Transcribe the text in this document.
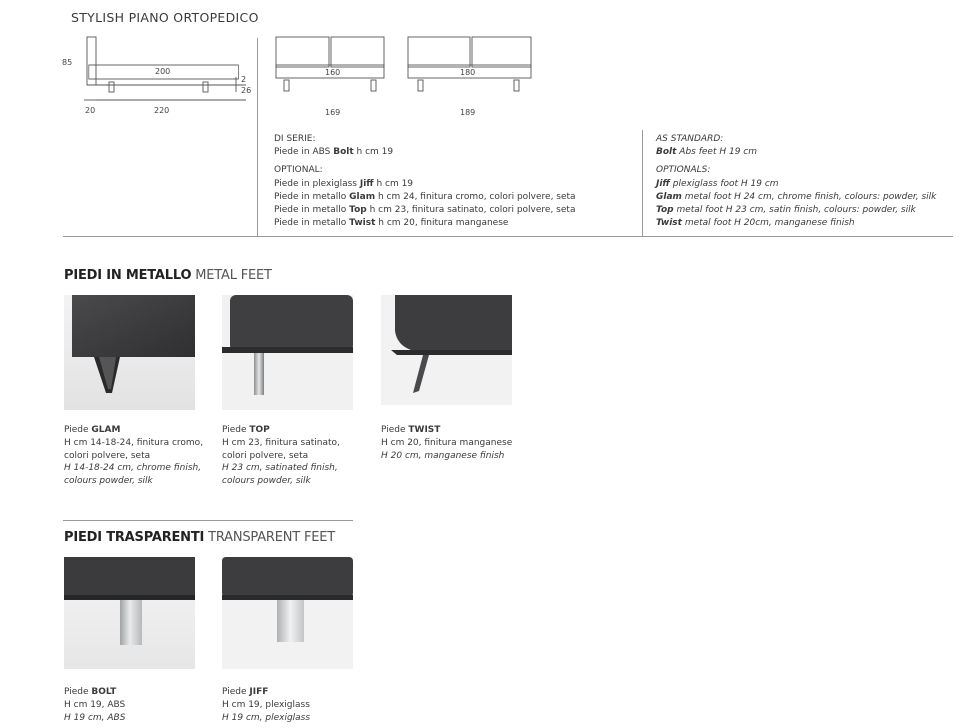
STYLISH PIANO ORTOPEDICO
85
200
2
26
20	220
160
169
180
189
DI SERIE:
Piede in ABS Bolt h cm 19
OPTIONAL:
Piede in plexiglass Jiff h cm 19
Piede in metallo Glam h cm 24, finitura cromo, colori polvere, seta
Piede in metallo Top h cm 23, finitura satinato, colori polvere, seta
Piede in metallo Twist h cm 20, finitura manganese
AS STANDARD:
Bolt Abs feet H 19 cm
OPTIONALS:
Jiff plexiglass foot H 19 cm
Glam metal foot H 24 cm, chrome finish, colours: powder, silk
Top metal foot H 23 cm, satin finish, colours: powder, silk
Twist metal foot H 20cm, manganese finish
PIEDI IN METALLO METAL FEET
Piede GLAM
H cm 14-18-24, finitura cromo,
colori polvere, seta
H 14-18-24 cm, chrome finish,
colours powder, silk
Piede TOP
H cm 23, finitura satinato,
colori polvere, seta
H 23 cm, satinated finish,
colours powder, silk
Piede TWIST
H cm 20, finitura manganese
H 20 cm, manganese finish
PIEDI TRASPARENTI TRANSPARENT FEET
Piede BOLT
H cm 19, ABS
H 19 cm, ABS
Piede JIFF
H cm 19, plexiglass
H 19 cm, plexiglass
